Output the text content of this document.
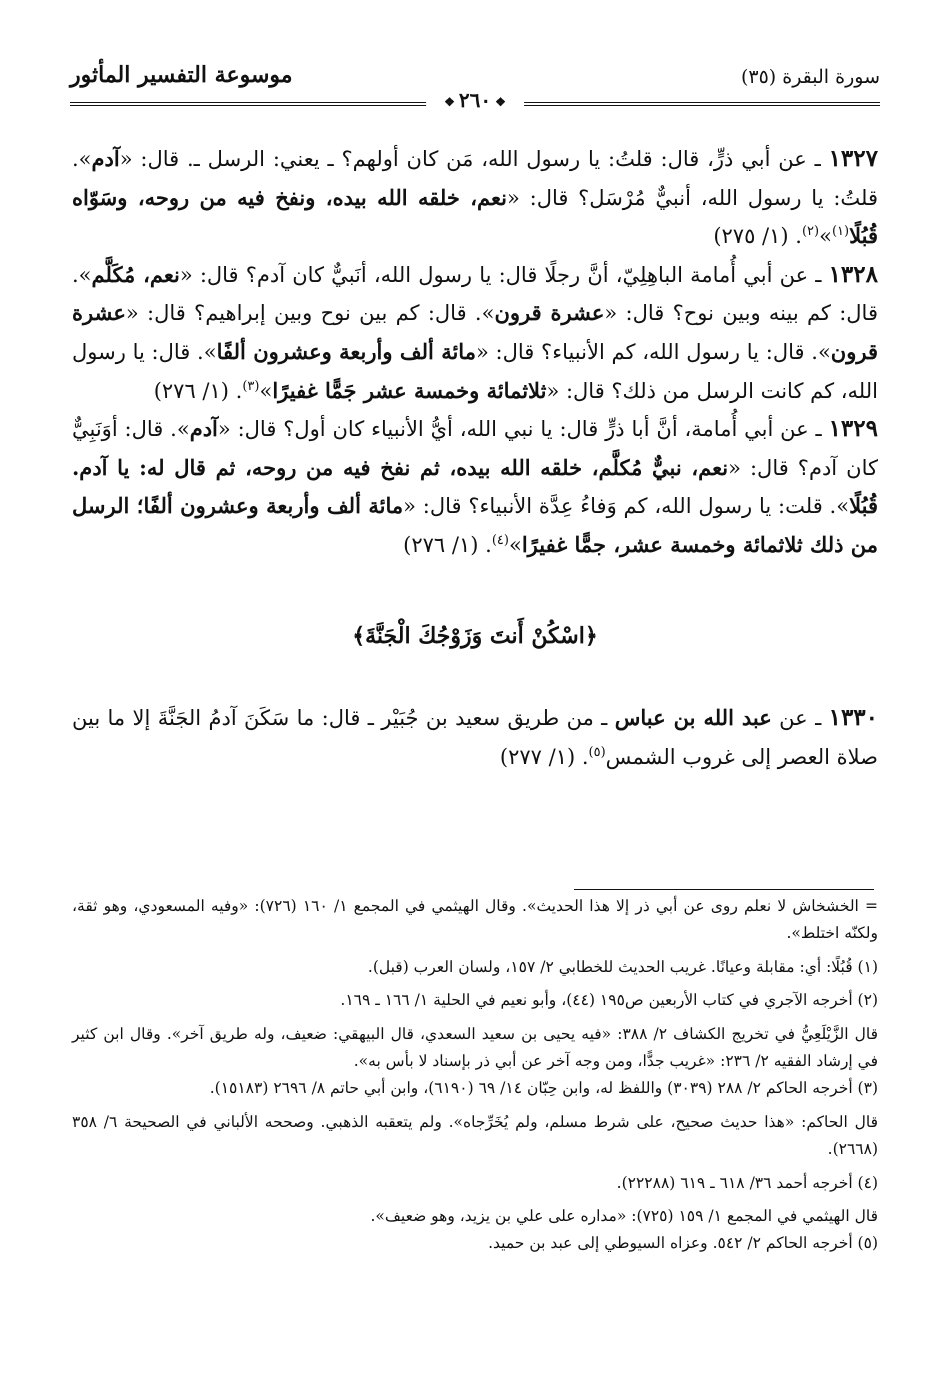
سورة البقرة (٣٥)
موسوعة التفسير المأثور
❖٢٦٠❖

١٣٢٧ ـ عن أبي ذرٍّ، قال: قلتُ: يا رسول الله، مَن كان أولهم؟ ـ يعني: الرسل ـ. قال: «آدم». قلتُ: يا رسول الله، أنبيٌّ مُرْسَل؟ قال: «نعم، خلقه الله بيده، ونفخ فيه من روحه، وسَوّاه قُبُلًا$^{(١)}$»$^{(٢)}$. (١/ ٢٧٥)

١٣٢٨ ـ عن أبي أُمامة الباهِلِيّ، أنَّ رجلًا قال: يا رسول الله، أنَبيٌّ كان آدم؟ قال: «نعم، مُكَلَّم». قال: كم بينه وبين نوح؟ قال: «عشرة قرون». قال: كم بين نوح وبين إبراهيم؟ قال: «عشرة قرون». قال: يا رسول الله، كم الأنبياء؟ قال: «مائة ألف وأربعة وعشرون ألفًا». قال: يا رسول الله، كم كانت الرسل من ذلك؟ قال: «ثلاثمائة وخمسة عشر جَمًّا غفيرًا»$^{(٣)}$. (١/ ٢٧٦)

١٣٢٩ ـ عن أبي أُمامة، أنَّ أبا ذرٍّ قال: يا نبي الله، أيُّ الأنبياء كان أول؟ قال: «آدم». قال: أوَنَبِيٌّ كان آدم؟ قال: «نعم، نبيٌّ مُكلَّم، خلقه الله بيده، ثم نفخ فيه من روحه، ثم قال له: يا آدم. قُبُلًا». قلت: يا رسول الله، كم وَفاءُ عِدَّة الأنبياء؟ قال: «مائة ألف وأربعة وعشرون ألفًا؛ الرسل من ذلك ثلاثمائة وخمسة عشر، جمًّا غفيرًا»$^{(٤)}$. (١/ ٢٧٦)

﴿اسْكُنْ أَنتَ وَزَوْجُكَ الْجَنَّةَ﴾

١٣٣٠ ـ عن عبد الله بن عباس ـ من طريق سعيد بن جُبَيْر ـ قال: ما سَكَنَ آدمُ الجَنَّةَ إلا ما بين صلاة العصر إلى غروب الشمس$^{(٥)}$. (١/ ٢٧٧)

= الخشخاش لا نعلم روى عن أبي ذر إلا هذا الحديث». وقال الهيثمي في المجمع ١/ ١٦٠ (٧٢٦): «وفيه المسعودي، وهو ثقة، ولكنّه اختلط».

(١) قُبُلًا: أي: مقابلة وعيانًا. غريب الحديث للخطابي ٢/ ١٥٧، ولسان العرب (قبل).

(٢) أخرجه الآجري في كتاب الأربعين ص١٩٥ (٤٤)، وأبو نعيم في الحلية ١/ ١٦٦ ـ ١٦٩.

قال الزَّيْلَعِيُّ في تخريج الكشاف ٢/ ٣٨٨: «فيه يحيى بن سعيد السعدي، قال البيهقي: ضعيف، وله طريق آخر». وقال ابن كثير في إرشاد الفقيه ٢/ ٢٣٦: «غريب جدًّا، ومن وجه آخر عن أبي ذر بإسناد لا بأس به».

(٣) أخرجه الحاكم ٢/ ٢٨٨ (٣٠٣٩) واللفظ له، وابن حِبّان ١٤/ ٦٩ (٦١٩٠)، وابن أبي حاتم ٨/ ٢٦٩٦ (١٥١٨٣).

قال الحاكم: «هذا حديث صحيح، على شرط مسلم، ولم يُخَرِّجاه». ولم يتعقبه الذهبي. وصححه الألباني في الصحيحة ٦/ ٣٥٨ (٢٦٦٨).

(٤) أخرجه أحمد ٣٦/ ٦١٨ ـ ٦١٩ (٢٢٢٨٨).

قال الهيثمي في المجمع ١/ ١٥٩ (٧٢٥): «مداره على علي بن يزيد، وهو ضعيف».

(٥) أخرجه الحاكم ٢/ ٥٤٢. وعزاه السيوطي إلى عبد بن حميد.
